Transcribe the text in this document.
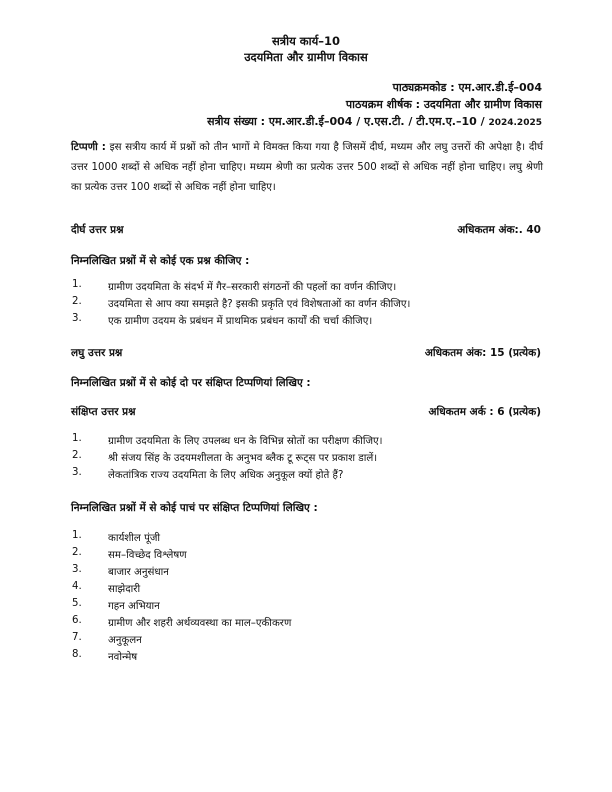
सत्रीय कार्य–10
उदयमिता और ग्रामीण विकास
पाठ्यक्रमकोड : एम.आर.डी.ई–004
पाठयक्रम शीर्षक : उदयमिता और ग्रामीण विकास
सत्रीय संख्या : एम.आर.डी.ई–004 / ए.एस.टी. / टी.एम.ए.–10 / 2024.2025
टिप्पणी : इस सत्रीय कार्य में प्रश्नों को तीन भागों मे विमक्त किया गया है जिसमें दीर्घ, मध्यम और लघु उत्तरों की अपेक्षा है। दीर्घ उत्तर 1000 शब्दों से अधिक नहीं होना चाहिए। मध्यम श्रेणी का प्रत्येक उत्तर 500 शब्दों से अधिक नहीं होना चाहिए। लघु श्रेणी का प्रत्येक उत्तर 100 शब्दों से अधिक नहीं होना चाहिए।
दीर्घ उत्तर प्रश्न	अधिकतम अंक:. 40
निम्नलिखित प्रश्नों में से कोई एक प्रश्न कीजिए :
1.	ग्रामीण उदयमिता के संदर्भ में गैर–सरकारी संगठनों की पहलों का वर्णन कीजिए।
2.	उदयमिता से आप क्या समझते है? इसकी प्रकृति एवं विशेषताओं का वर्णन कीजिए।
3.	एक ग्रामीण उदयम के प्रबंधन में प्राथमिक प्रबंधन कार्यों की चर्चा कीजिए।
लघु उत्तर प्रश्न	अधिकतम अंक: 15 (प्रत्येक)
निम्नलिखित प्रश्नों में से कोई दो पर संक्षिप्त टिप्पणियां लिखिए :
संक्षिप्त उत्तर प्रश्न	अधिकतम अर्क : 6 (प्रत्येक)
1.	ग्रामीण उदयमिता के लिए उपलब्ध धन के विभिन्न स्रोतों का परीक्षण कीजिए।
2.	श्री संजय सिंह के उदयमशीलता के अनुभव ब्लैक टू रूट्स पर प्रकाश डालें।
3.	लेकतांत्रिक राज्य उदयमिता के लिए अधिक अनुकूल क्यों होते हैं?
निम्नलिखित प्रश्नों में से कोई पाचं पर संक्षिप्त टिप्पणियां लिखिए :
1.	कार्यशील पूंजी
2.	सम–विच्छेद विश्लेषण
3.	बाजार अनुसंधान
4.	साझेदारी
5.	गहन अभियान
6.	ग्रामीण और शहरी अर्थव्यवस्था का माल–एकीकरण
7.	अनुकूलन
8.	नवोन्मेष
